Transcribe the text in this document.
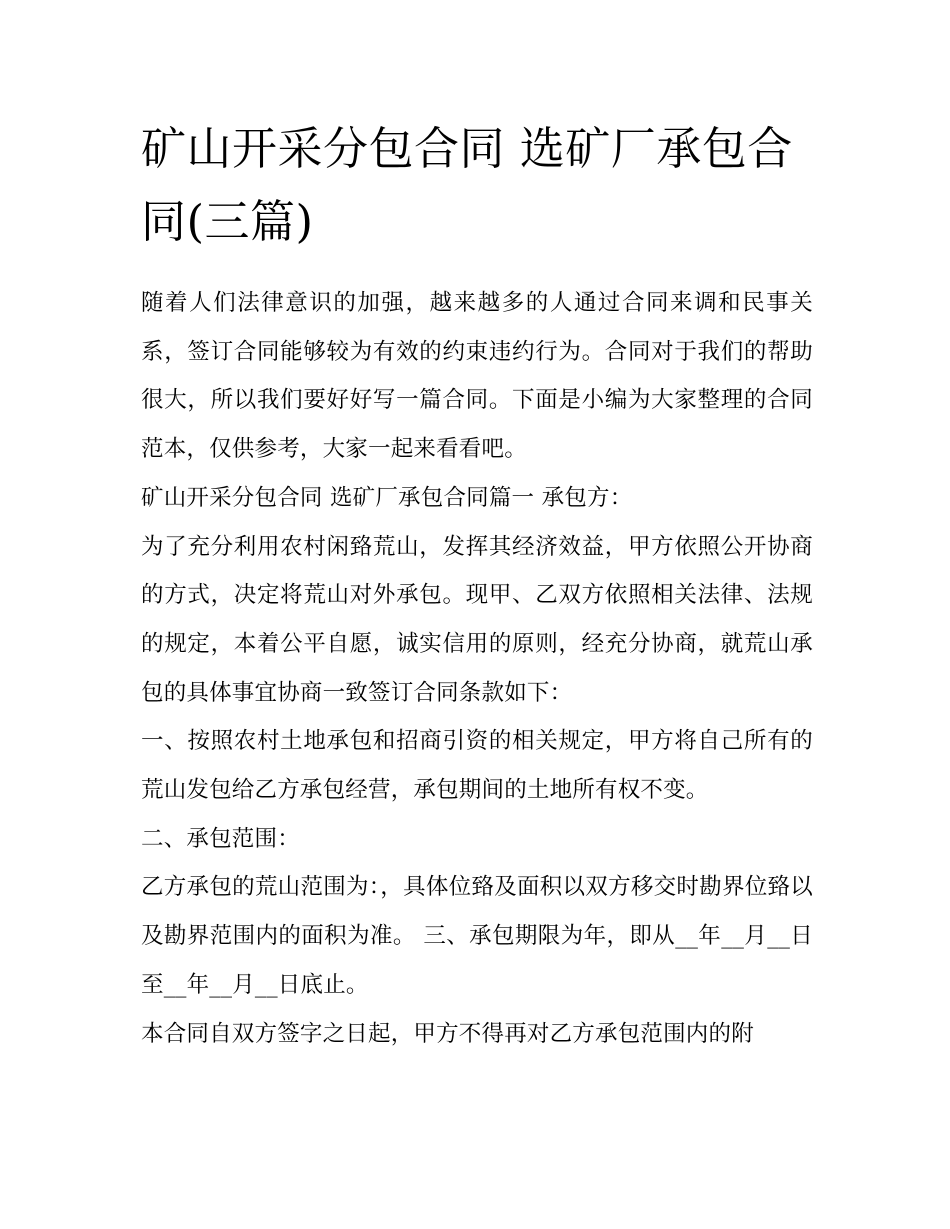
矿山开采分包合同 选矿厂承包合同(三篇)

随着人们法律意识的加强，越来越多的人通过合同来调和民事关系，签订合同能够较为有效的约束违约行为。合同对于我们的帮助很大，所以我们要好好写一篇合同。下面是小编为大家整理的合同范本，仅供参考，大家一起来看看吧。

矿山开采分包合同 选矿厂承包合同篇一 承包方：

为了充分利用农村闲臵荒山，发挥其经济效益，甲方依照公开协商的方式，决定将荒山对外承包。现甲、乙双方依照相关法律、法规的规定，本着公平自愿，诚实信用的原则，经充分协商，就荒山承包的具体事宜协商一致签订合同条款如下：

一、按照农村土地承包和招商引资的相关规定，甲方将自己所有的荒山发包给乙方承包经营，承包期间的土地所有权不变。

二、承包范围：

乙方承包的荒山范围为：，具体位臵及面积以双方移交时勘界位臵以及勘界范围内的面积为准。 三、承包期限为年，即从__年__月__日至__年__月__日底止。

本合同自双方签字之日起，甲方不得再对乙方承包范围内的附
